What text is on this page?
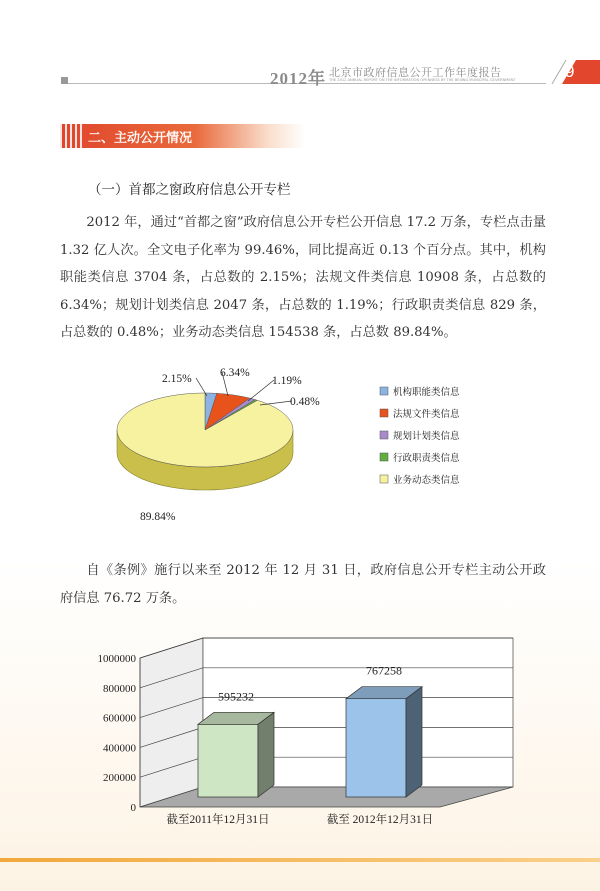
2012年 北京市政府信息公开工作年度报告
THE 2012 ANNUAL REPORT ON THE INFORMATION OPENNESS BY THE BEIJING MUNICIPAL GOVERNMENT	9
二、主动公开情况
（一）首都之窗政府信息公开专栏

2012 年，通过“首都之窗”政府信息公开专栏公开信息 17.2 万条，专栏点击量 1.32 亿人次。全文电子化率为 99.46%，同比提高近 0.13 个百分点。其中，机构职能类信息 3704 条，占总数的 2.15%；法规文件类信息 10908 条，占总数的 6.34%；规划计划类信息 2047 条，占总数的 1.19%；行政职责类信息 829 条，占总数的 0.48%；业务动态类信息 154538 条，占总数 89.84%。

2.15% 6.34%
1.19%
0.48%
89.84%
机构职能类信息
法规文件类信息
规划计划类信息
行政职责类信息
业务动态类信息

自《条例》施行以来至 2012 年 12 月 31 日，政府信息公开专栏主动公开政府信息 76.72 万条。

0
200000
400000
600000
800000
1000000
595232
截至2011年12月31日
767258
截至 2012年12月31日
